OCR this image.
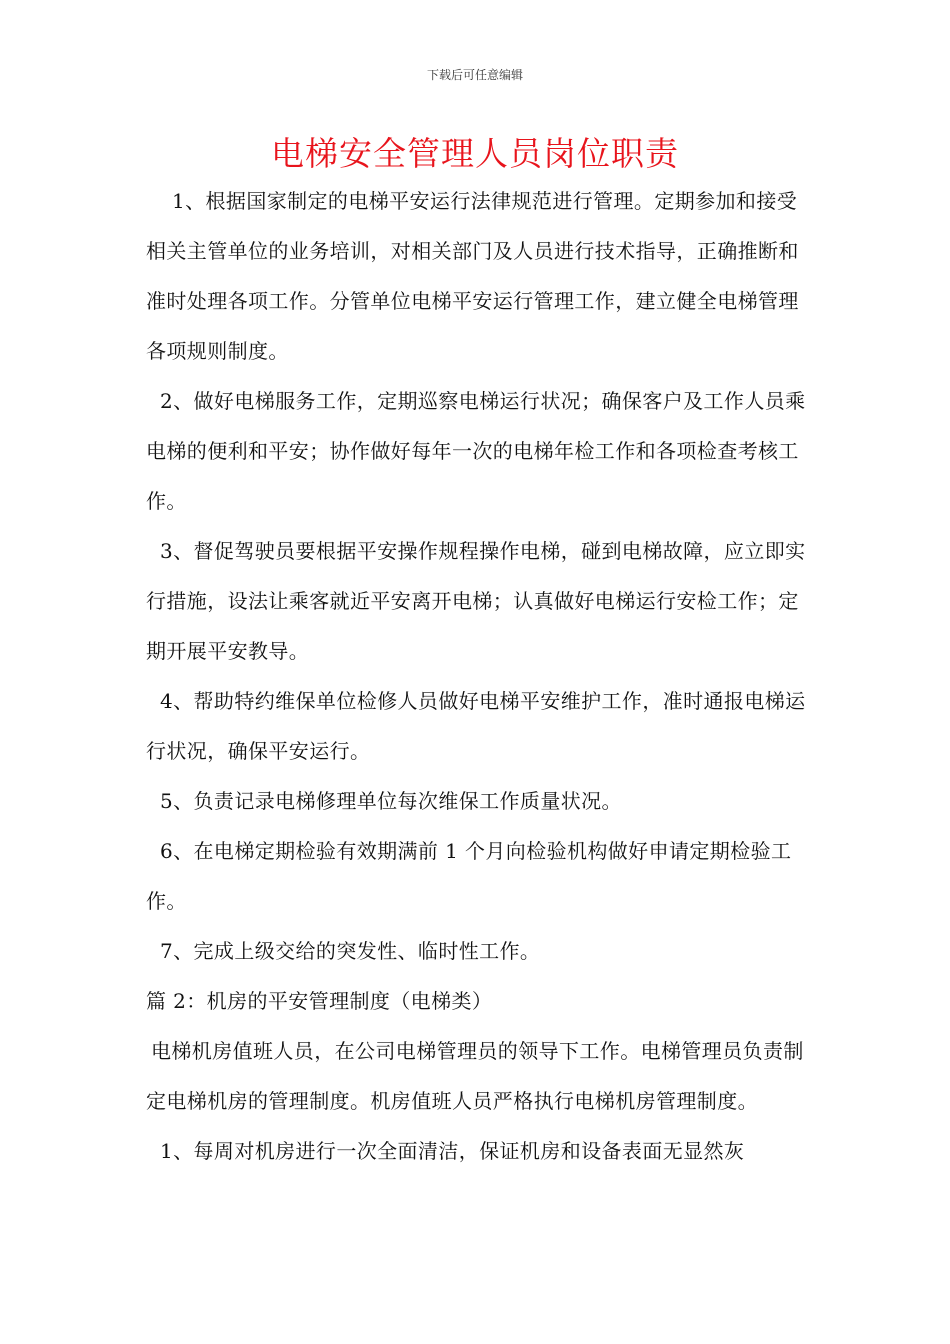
下载后可任意编辑
电梯安全管理人员岗位职责

1、根据国家制定的电梯平安运行法律规范进行管理。定期参加和接受相关主管单位的业务培训，对相关部门及人员进行技术指导，正确推断和准时处理各项工作。分管单位电梯平安运行管理工作，建立健全电梯管理各项规则制度。

2、做好电梯服务工作，定期巡察电梯运行状况；确保客户及工作人员乘电梯的便利和平安；协作做好每年一次的电梯年检工作和各项检查考核工作。

3、督促驾驶员要根据平安操作规程操作电梯，碰到电梯故障，应立即实行措施，设法让乘客就近平安离开电梯；认真做好电梯运行安检工作；定期开展平安教导。

4、帮助特约维保单位检修人员做好电梯平安维护工作，准时通报电梯运行状况，确保平安运行。

5、负责记录电梯修理单位每次维保工作质量状况。

6、在电梯定期检验有效期满前 1 个月向检验机构做好申请定期检验工作。

7、完成上级交给的突发性、临时性工作。

篇 2：机房的平安管理制度（电梯类）

电梯机房值班人员，在公司电梯管理员的领导下工作。电梯管理员负责制定电梯机房的管理制度。机房值班人员严格执行电梯机房管理制度。

1、每周对机房进行一次全面清洁，保证机房和设备表面无显然灰
